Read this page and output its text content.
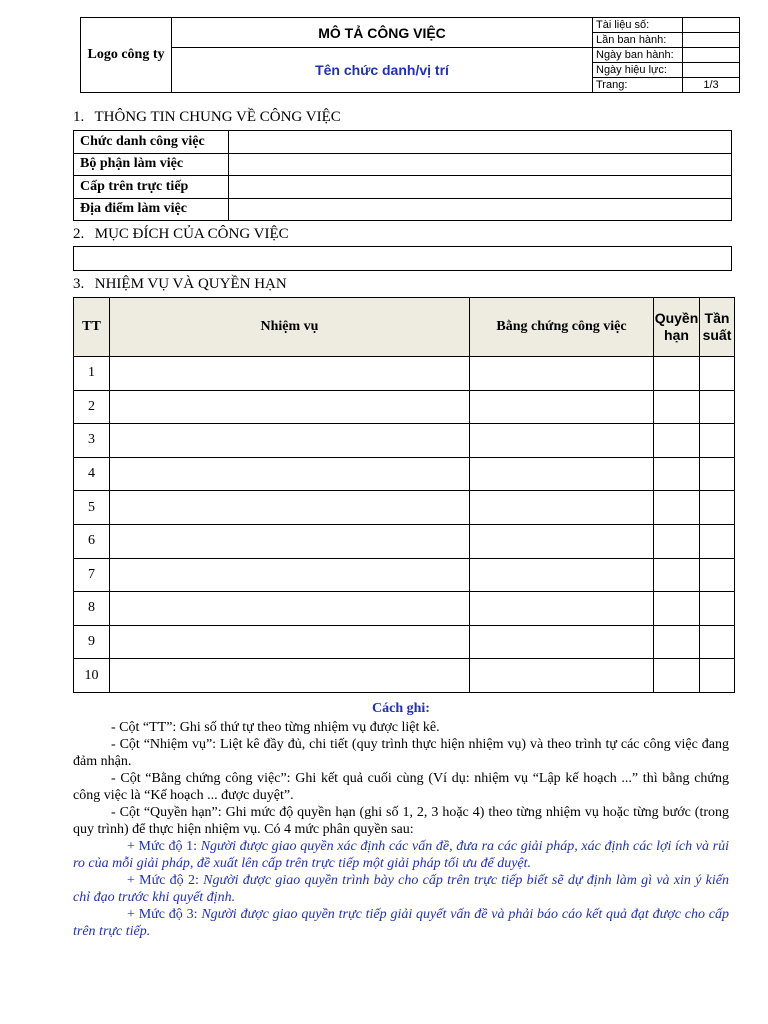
Logo công ty	MÔ TẢ CÔNG VIỆC	Tài liệu số:	
		Lần ban hành:	
	Tên chức danh/vị trí	Ngày ban hành:	
		Ngày hiệu lực:	
		Trang:	1/3
1. THÔNG TIN CHUNG VỀ CÔNG VIỆC
Chức danh công việc	
Bộ phận làm việc	
Cấp trên trực tiếp	
Địa điểm làm việc	
2. MỤC ĐÍCH CỦA CÔNG VIỆC
3. NHIỆM VỤ VÀ QUYỀN HẠN
TT	Nhiệm vụ	Bằng chứng công việc	Quyền hạn	Tần suất
1				
2				
3				
4				
5				
6				
7				
8				
9				
10				
Cách ghi:

- Cột “TT”: Ghi số thứ tự theo từng nhiệm vụ được liệt kê.

- Cột “Nhiệm vụ”: Liệt kê đầy đủ, chi tiết (quy trình thực hiện nhiệm vụ) và theo trình tự các công việc đang đảm nhận.

- Cột “Bằng chứng công việc”: Ghi kết quả cuối cùng (Ví dụ: nhiệm vụ “Lập kế hoạch ...” thì bằng chứng công việc là “Kế hoạch ... được duyệt”.

- Cột “Quyền hạn”: Ghi mức độ quyền hạn (ghi số 1, 2, 3 hoặc 4) theo từng nhiệm vụ hoặc từng bước (trong quy trình) để thực hiện nhiệm vụ. Có 4 mức phân quyền sau:

+ Mức độ 1: Người được giao quyền xác định các vấn đề, đưa ra các giải pháp, xác định các lợi ích và rủi ro của mỗi giải pháp, đề xuất lên cấp trên trực tiếp một giải pháp tối ưu để duyệt.

+ Mức độ 2: Người được giao quyền trình bày cho cấp trên trực tiếp biết sẽ dự định làm gì và xin ý kiến chỉ đạo trước khi quyết định.

+ Mức độ 3: Người được giao quyền trực tiếp giải quyết vấn đề và phải báo cáo kết quả đạt được cho cấp trên trực tiếp.
